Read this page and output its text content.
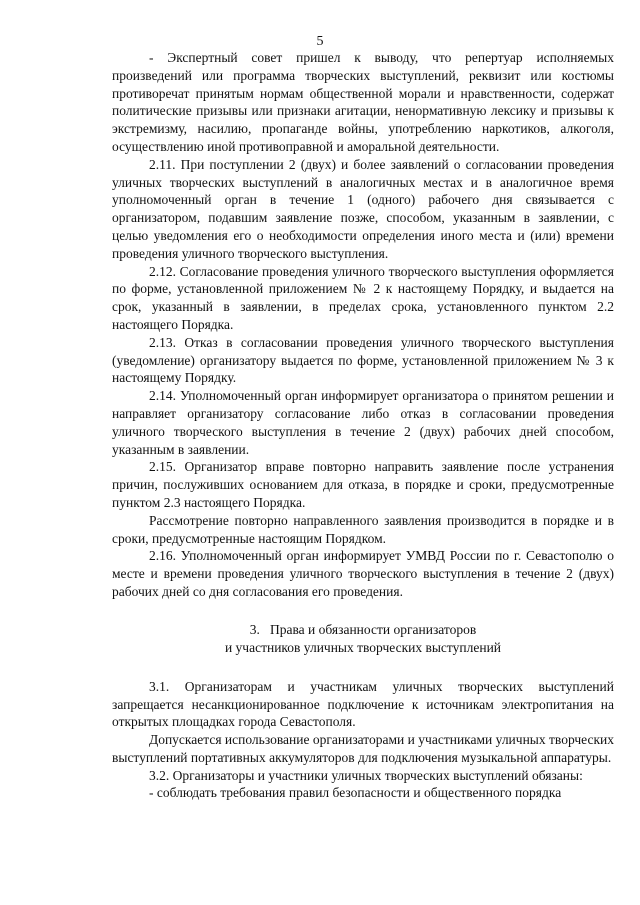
5

- Экспертный совет пришел к выводу, что репертуар исполняемых произведений или программа творческих выступлений, реквизит или костюмы противоречат принятым нормам общественной морали и нравственности, содержат политические призывы или признаки агитации, ненормативную лексику и призывы к экстремизму, насилию, пропаганде войны, употреблению наркотиков, алкоголя, осуществлению иной противоправной и аморальной деятельности.

2.11. При поступлении 2 (двух) и более заявлений о согласовании проведения уличных творческих выступлений в аналогичных местах и в аналогичное время уполномоченный орган в течение 1 (одного) рабочего дня связывается с организатором, подавшим заявление позже, способом, указанным в заявлении, с целью уведомления его о необходимости определения иного места и (или) времени проведения уличного творческого выступления.

2.12. Согласование проведения уличного творческого выступления оформляется по форме, установленной приложением № 2 к настоящему Порядку, и выдается на срок, указанный в заявлении, в пределах срока, установленного пунктом 2.2 настоящего Порядка.

2.13. Отказ в согласовании проведения уличного творческого выступления (уведомление) организатору выдается по форме, установленной приложением № 3 к настоящему Порядку.

2.14. Уполномоченный орган информирует организатора о принятом решении и направляет организатору согласование либо отказ в согласовании проведения уличного творческого выступления в течение 2 (двух) рабочих дней способом, указанным в заявлении.

2.15. Организатор вправе повторно направить заявление после устранения причин, послуживших основанием для отказа, в порядке и сроки, предусмотренные пунктом 2.3 настоящего Порядка.

Рассмотрение повторно направленного заявления производится в порядке и в сроки, предусмотренные настоящим Порядком.

2.16. Уполномоченный орган информирует УМВД России по г. Севастополю о месте и времени проведения уличного творческого выступления в течение 2 (двух) рабочих дней со дня согласования его проведения.

3.   Права и обязанности организаторов
и участников уличных творческих выступлений

3.1. Организаторам и участникам уличных творческих выступлений запрещается несанкционированное подключение к источникам электропитания на открытых площадках города Севастополя.

Допускается использование организаторами и участниками уличных творческих выступлений портативных аккумуляторов для подключения музыкальной аппаратуры.

3.2. Организаторы и участники уличных творческих выступлений обязаны:

- соблюдать требования правил безопасности и общественного порядка
